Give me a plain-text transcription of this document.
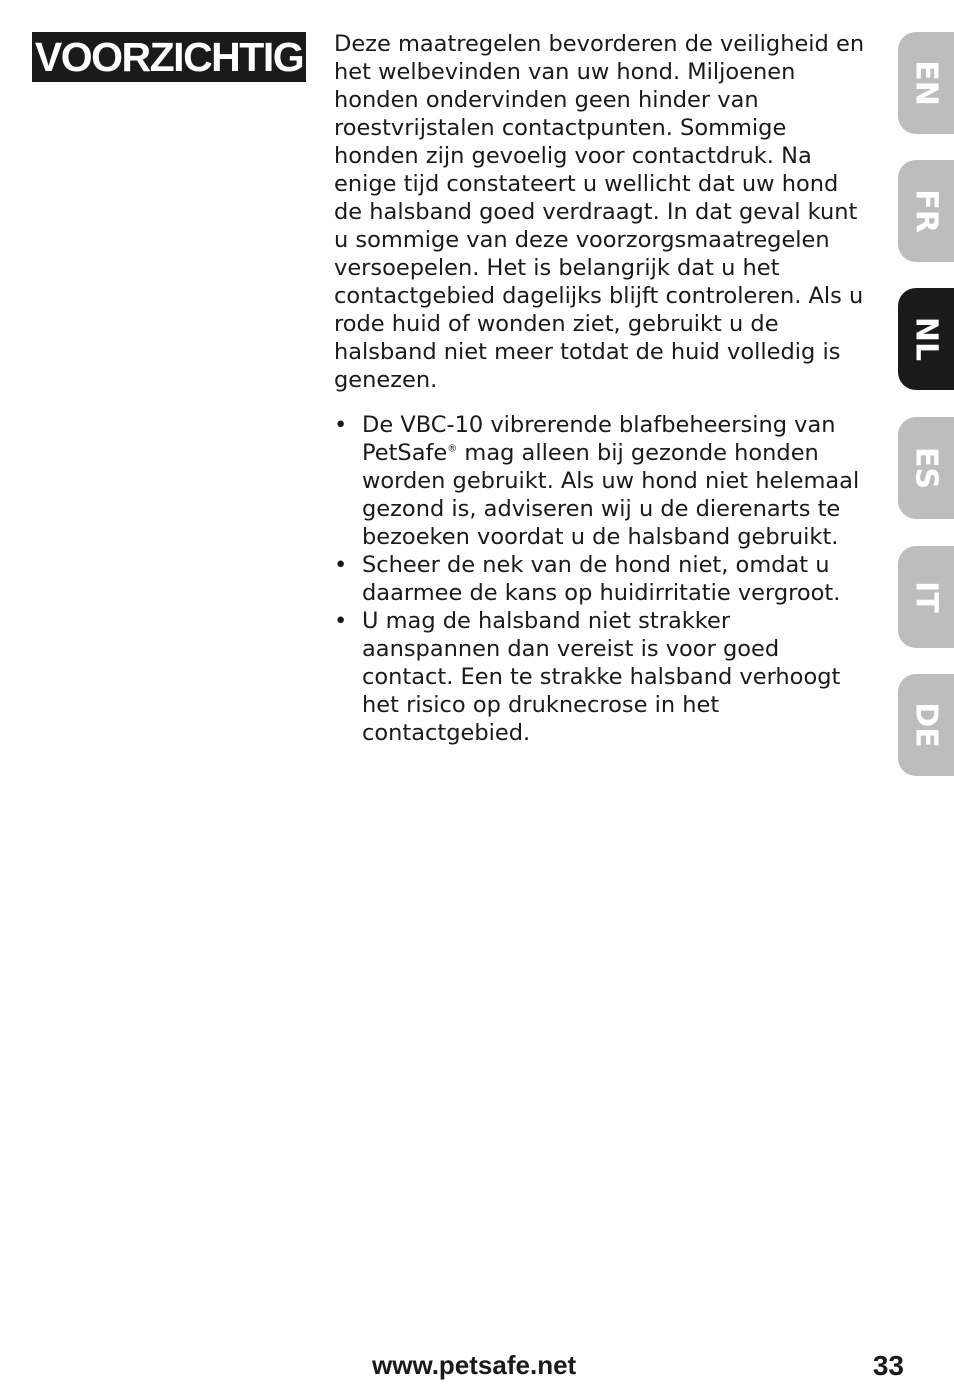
VOORZICHTIG Deze maatregelen bevorderen de veiligheid en het welbevinden van uw hond. Miljoenen honden ondervinden geen hinder van roestvrijstalen contactpunten. Sommige honden zijn gevoelig voor contactdruk. Na enige tijd constateert u wellicht dat uw hond de halsband goed verdraagt. In dat geval kunt u sommige van deze voorzorgsmaatregelen versoepelen. Het is belangrijk dat u het contactgebied dagelijks blijft controleren. Als u rode huid of wonden ziet, gebruikt u de halsband niet meer totdat de huid volledig is genezen.

• De VBC-10 vibrerende blafbeheersing van PetSafe® mag alleen bij gezonde honden worden gebruikt. Als uw hond niet helemaal gezond is, adviseren wij u de dierenarts te bezoeken voordat u de halsband gebruikt.
• Scheer de nek van de hond niet, omdat u daarmee de kans op huidirritatie vergroot.
• U mag de halsband niet strakker aanspannen dan vereist is voor goed contact. Een te strakke halsband verhoogt het risico op druknecrose in het contactgebied.
EN
FR
NL
ES
IT
DE
www.petsafe.net	33
